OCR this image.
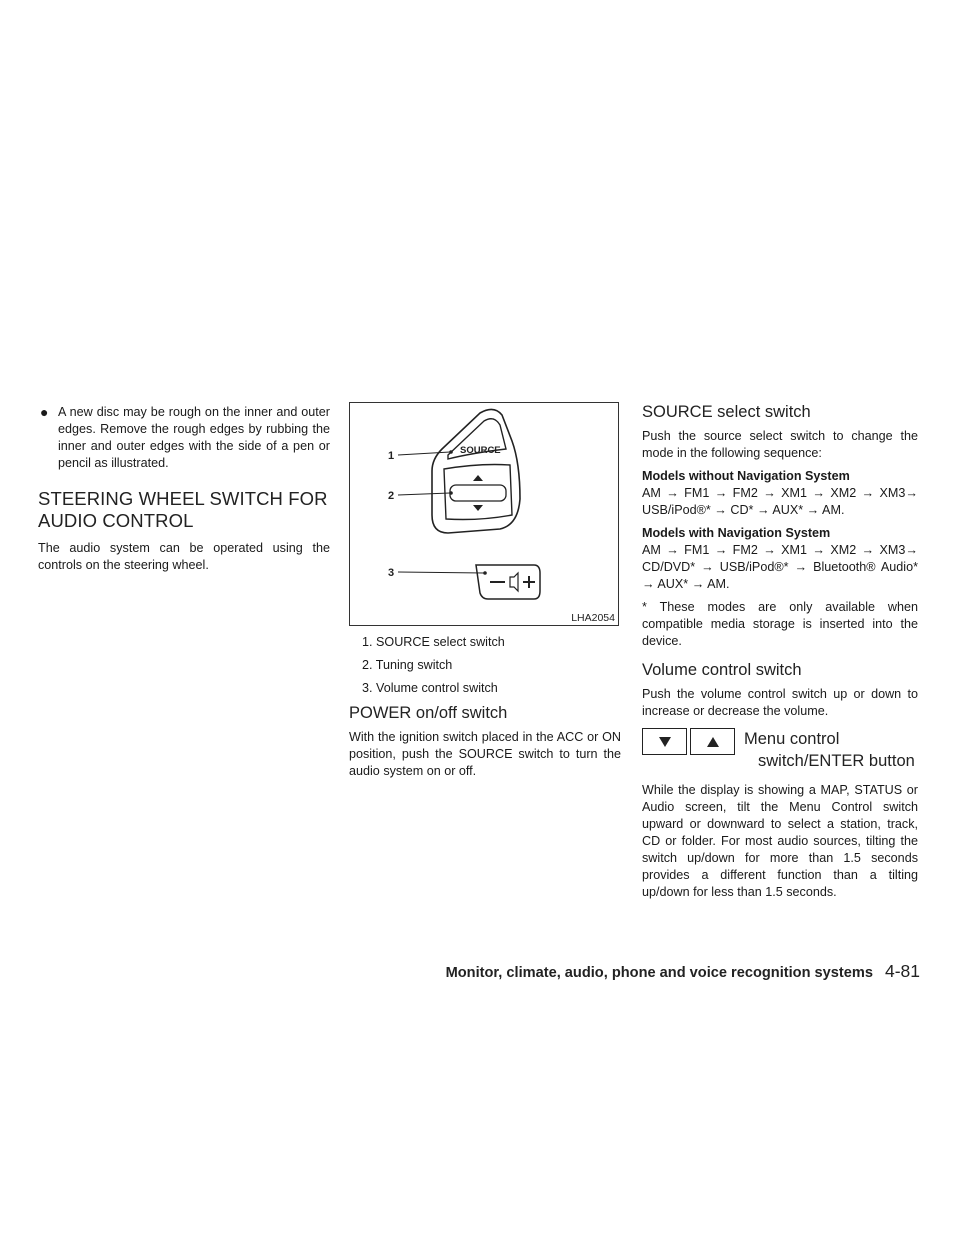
● A new disc may be rough on the inner and outer edges. Remove the rough edges by rubbing the inner and outer edges with the side of a pen or pencil as illustrated.

STEERING WHEEL SWITCH FOR AUDIO CONTROL

The audio system can be operated using the controls on the steering wheel.

SOURCE
1
2
3
LHA2054
1. SOURCE select switch
2. Tuning switch
3. Volume control switch
POWER on/off switch

With the ignition switch placed in the ACC or ON position, push the SOURCE switch to turn the audio system on or off.

SOURCE select switch

Push the source select switch to change the mode in the following sequence:

Models without Navigation System

AM → FM1 → FM2 → XM1 → XM2 → XM3→ USB/iPod®* → CD* → AUX* → AM.

Models with Navigation System

AM → FM1 → FM2 → XM1 → XM2 → XM3→ CD/DVD* → USB/iPod®* → Bluetooth® Audio* → AUX* → AM.

* These modes are only available when compatible media storage is inserted into the device.

Volume control switch

Push the volume control switch up or down to increase or decrease the volume.

Menu control
switch/ENTER button

While the display is showing a MAP, STATUS or Audio screen, tilt the Menu Control switch upward or downward to select a station, track, CD or folder. For most audio sources, tilting the switch up/down for more than 1.5 seconds provides a different function than a tilting up/down for less than 1.5 seconds.

Monitor, climate, audio, phone and voice recognition systems 4-81
